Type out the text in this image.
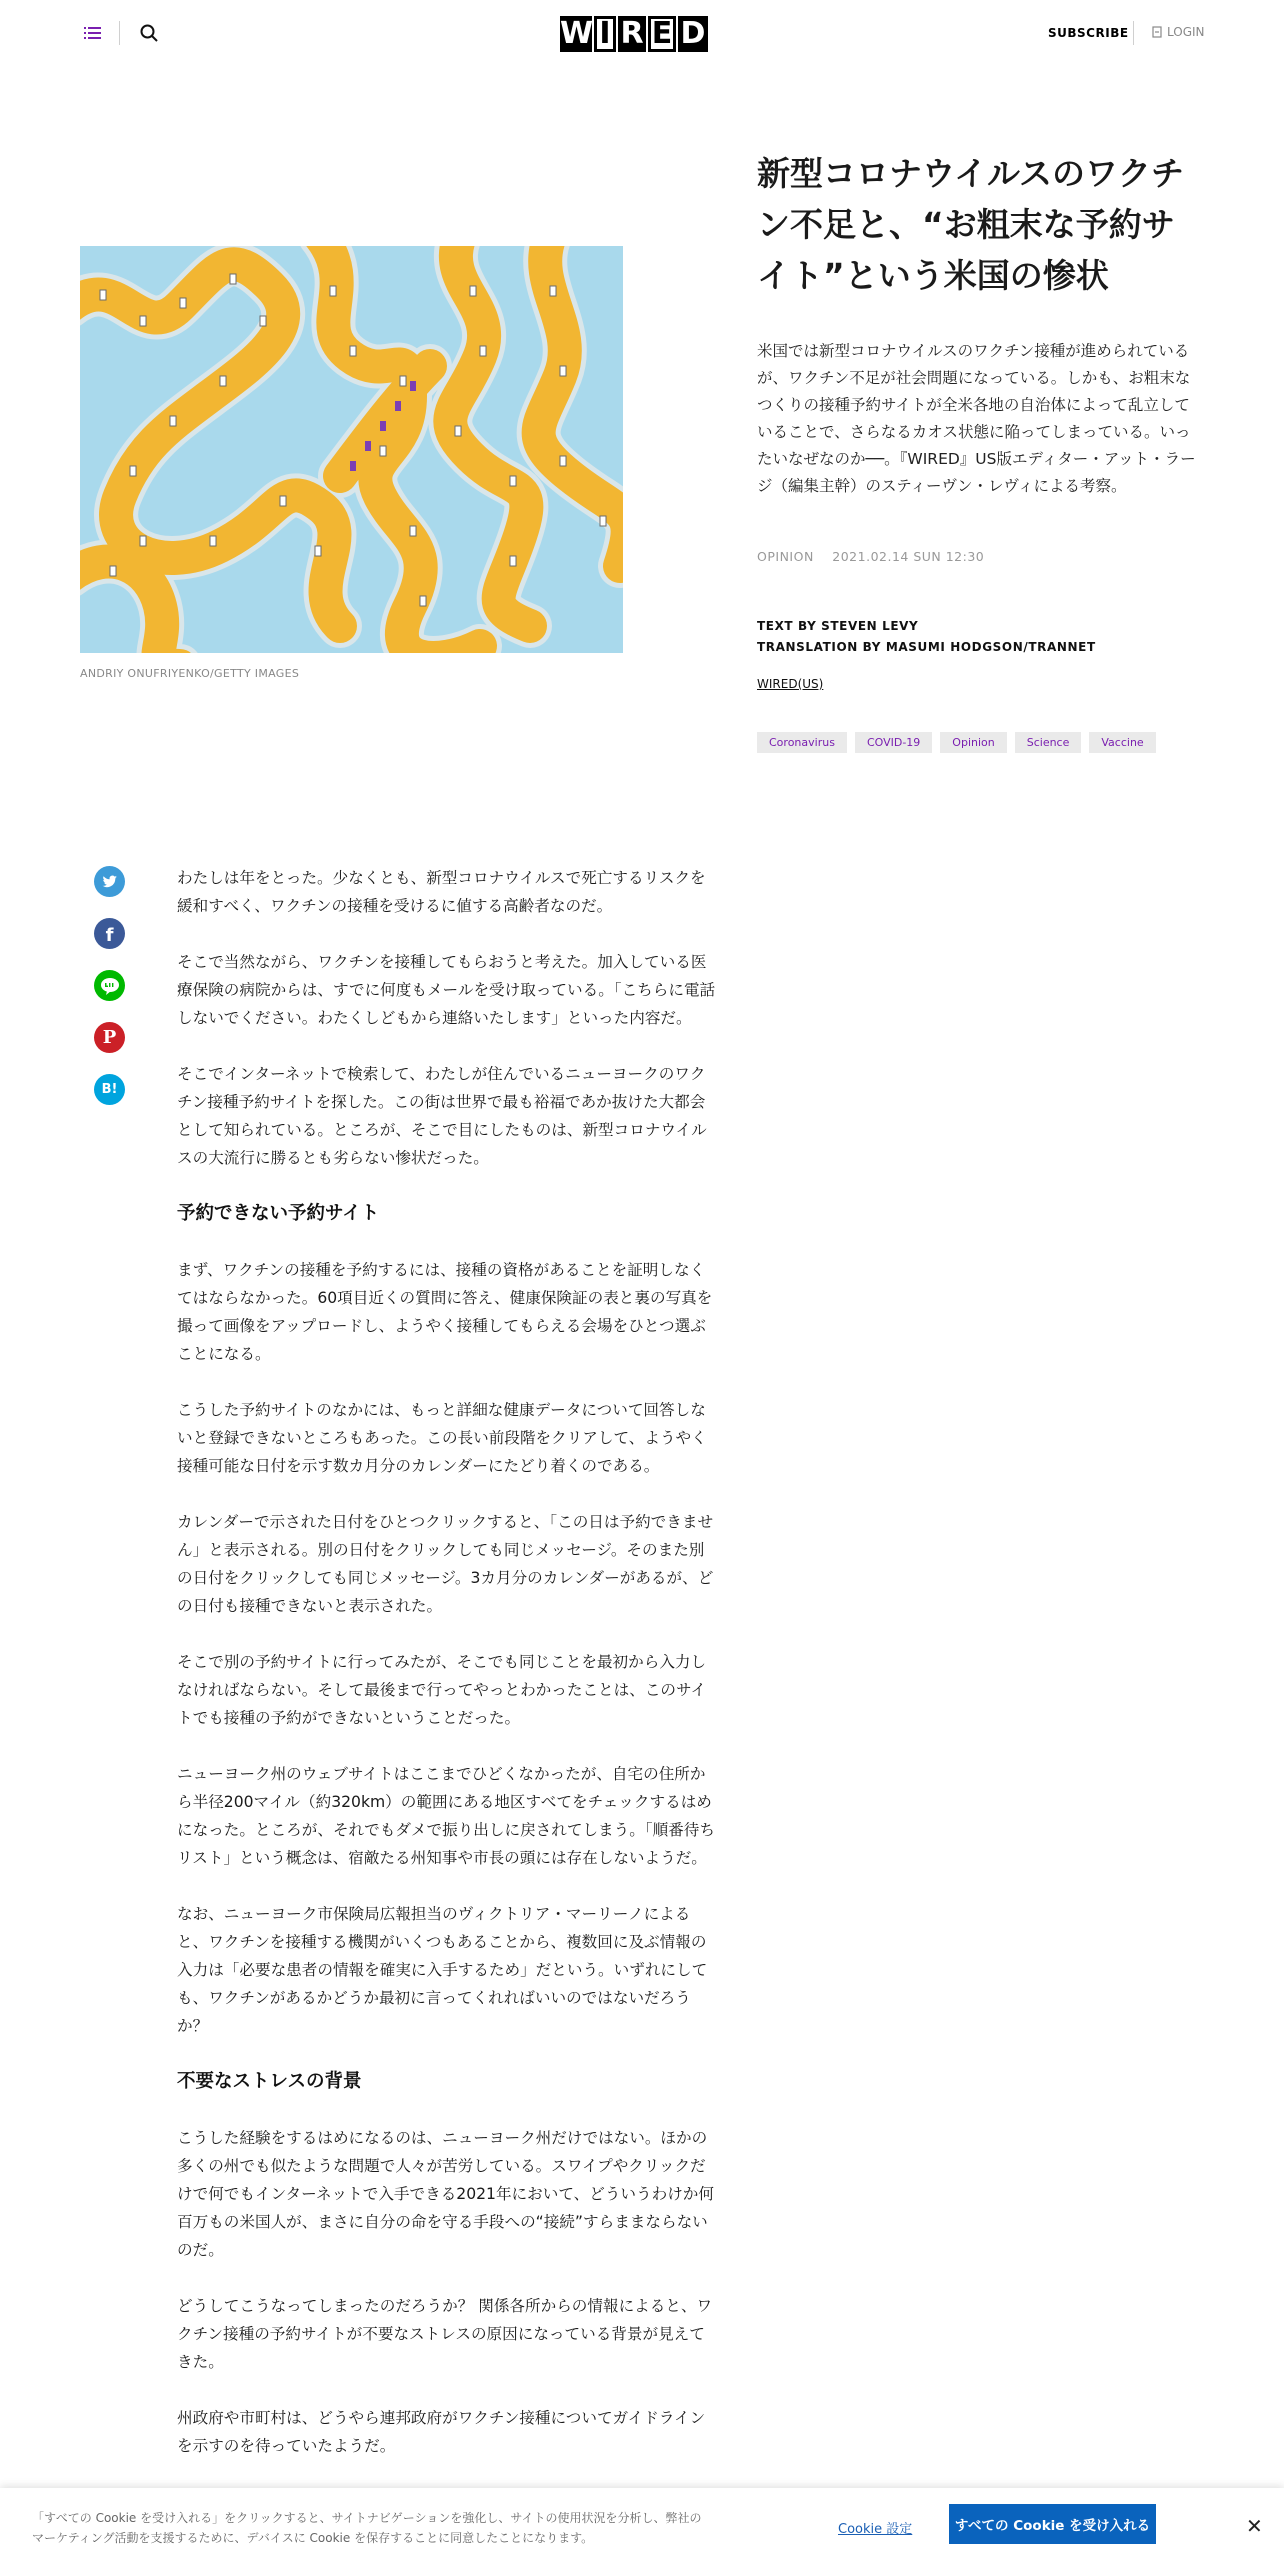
W I R E D	SUBSCRIBE	LOGIN
ANDRIY ONUFRIYENKO/GETTY IMAGES
新型コロナウイルスのワクチン不足と、“お粗末な予約サイト”という米国の惨状

米国では新型コロナウイルスのワクチン接種が進められているが、ワクチン不足が社会問題になっている。しかも、お粗末なつくりの接種予約サイトが全米各地の自治体によって乱立していることで、さらなるカオス状態に陥ってしまっている。いったいなぜなのか──。『WIRED』US版エディター・アット・ラージ（編集主幹）のスティーヴン・レヴィによる考察。

OPINION 2021.02.14 SUN 12:30
TEXT BY STEVEN LEVY
TRANSLATION BY MASUMI HODGSON/TRANNET
WIRED(US)
Coronavirus	COVID-19	Opinion	Science	Vaccine
f
P
B!

わたしは年をとった。少なくとも、新型コロナウイルスで死亡するリスクを緩和すべく、ワクチンの接種を受けるに値する高齢者なのだ。

そこで当然ながら、ワクチンを接種してもらおうと考えた。加入している医療保険の病院からは、すでに何度もメールを受け取っている。「こちらに電話しないでください。わたくしどもから連絡いたします」といった内容だ。

そこでインターネットで検索して、わたしが住んでいるニューヨークのワクチン接種予約サイトを探した。この街は世界で最も裕福であか抜けた大都会として知られている。ところが、そこで目にしたものは、新型コロナウイルスの大流行に勝るとも劣らない惨状だった。

予約できない予約サイト

まず、ワクチンの接種を予約するには、接種の資格があることを証明しなくてはならなかった。60項目近くの質問に答え、健康保険証の表と裏の写真を撮って画像をアップロードし、ようやく接種してもらえる会場をひとつ選ぶことになる。

こうした予約サイトのなかには、もっと詳細な健康データについて回答しないと登録できないところもあった。この長い前段階をクリアして、ようやく接種可能な日付を示す数カ月分のカレンダーにたどり着くのである。

カレンダーで示された日付をひとつクリックすると、「この日は予約できません」と表示される。別の日付をクリックしても同じメッセージ。そのまた別の日付をクリックしても同じメッセージ。3カ月分のカレンダーがあるが、どの日付も接種できないと表示された。

そこで別の予約サイトに行ってみたが、そこでも同じことを最初から入力しなければならない。そして最後まで行ってやっとわかったことは、このサイトでも接種の予約ができないということだった。

ニューヨーク州のウェブサイトはここまでひどくなかったが、自宅の住所から半径200マイル（約320km）の範囲にある地区すべてをチェックするはめになった。ところが、それでもダメで振り出しに戻されてしまう。「順番待ちリスト」という概念は、宿敵たる州知事や市長の頭には存在しないようだ。

なお、ニューヨーク市保険局広報担当のヴィクトリア・マーリーノによると、ワクチンを接種する機関がいくつもあることから、複数回に及ぶ情報の入力は「必要な患者の情報を確実に入手するため」だという。いずれにしても、ワクチンがあるかどうか最初に言ってくれればいいのではないだろうか？

不要なストレスの背景

こうした経験をするはめになるのは、ニューヨーク州だけではない。ほかの多くの州でも似たような問題で人々が苦労している。スワイプやクリックだけで何でもインターネットで入手できる2021年において、どういうわけか何百万もの米国人が、まさに自分の命を守る手段への“接続”すらままならないのだ。

どうしてこうなってしまったのだろうか？ 関係各所からの情報によると、ワクチン接種の予約サイトが不要なストレスの原因になっている背景が見えてきた。

州政府や市町村は、どうやら連邦政府がワクチン接種についてガイドラインを示すのを待っていたようだ。

「すべての Cookie を受け入れる」をクリックすると、サイトナビゲーションを強化し、サイトの使用状況を分析し、弊社のマーケティング活動を支援するために、デバイスに Cookie を保存することに同意したことになります。

Cookie 設定	すべての Cookie を受け入れる	✕
